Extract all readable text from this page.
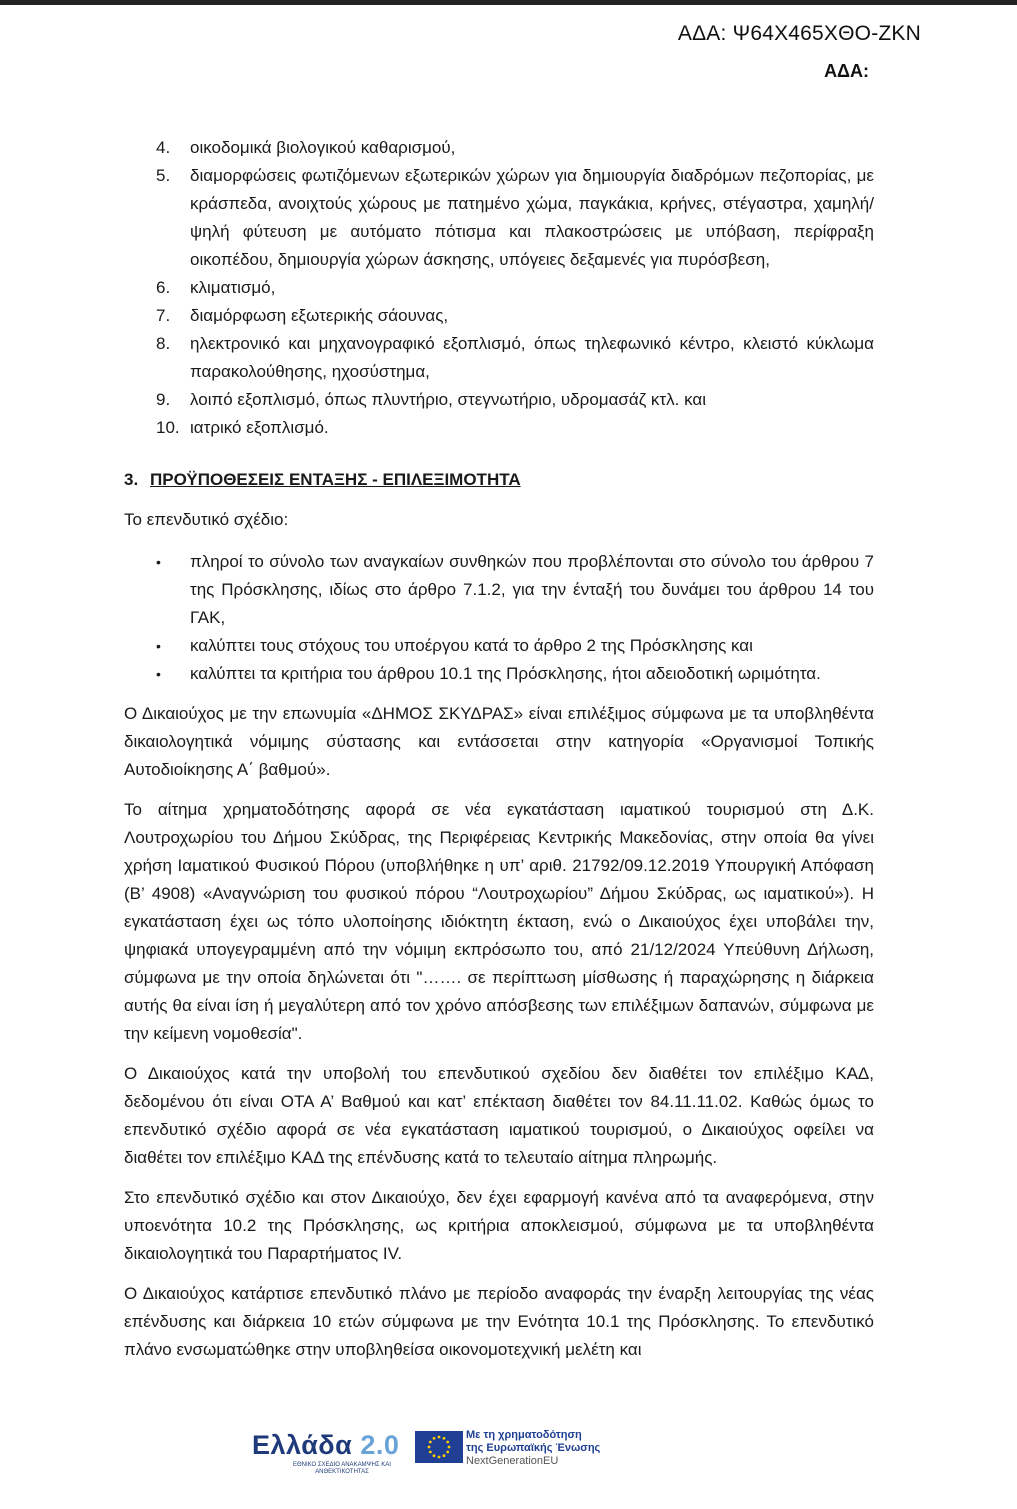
ΑΔΑ: Ψ64Χ465ΧΘΟ-ΖΚΝ
ΑΔΑ:
4.	οικοδομικά βιολογικού καθαρισμού,
5.	διαμορφώσεις φωτιζόμενων εξωτερικών χώρων για δημιουργία διαδρόμων πεζοπορίας, με κράσπεδα, ανοιχτούς χώρους με πατημένο χώμα, παγκάκια, κρήνες, στέγαστρα, χαμηλή/ψηλή φύτευση με αυτόματο πότισμα και πλακοστρώσεις με υπόβαση, περίφραξη οικοπέδου, δημιουργία χώρων άσκησης, υπόγειες δεξαμενές για πυρόσβεση,
6.	κλιματισμό,
7.	διαμόρφωση εξωτερικής σάουνας,
8.	ηλεκτρονικό και μηχανογραφικό εξοπλισμό, όπως τηλεφωνικό κέντρο, κλειστό κύκλωμα παρακολούθησης, ηχοσύστημα,
9.	λοιπό εξοπλισμό, όπως πλυντήριο, στεγνωτήριο, υδρομασάζ κτλ. και
10. ιατρικό εξοπλισμό.
3. ΠΡΟΫΠΟΘΕΣΕΙΣ ΕΝΤΑΞΗΣ - ΕΠΙΛΕΞΙΜΟΤΗΤΑ

Το επενδυτικό σχέδιο:

•	πληροί το σύνολο των αναγκαίων συνθηκών που προβλέπονται στο σύνολο του άρθρου 7 της Πρόσκλησης, ιδίως στο άρθρο 7.1.2, για την ένταξή του δυνάμει του άρθρου 14 του ΓΑΚ,
•	καλύπτει τους στόχους του υποέργου κατά το άρθρο 2 της Πρόσκλησης και
•	καλύπτει τα κριτήρια του άρθρου 10.1 της Πρόσκλησης, ήτοι αδειοδοτική ωριμότητα.

Ο Δικαιούχος με την επωνυμία «ΔΗΜΟΣ ΣΚΥΔΡΑΣ» είναι επιλέξιμος σύμφωνα με τα υποβληθέντα δικαιολογητικά νόμιμης σύστασης και εντάσσεται στην κατηγορία «Οργανισμοί Τοπικής Αυτοδιοίκησης Α΄ βαθμού».

Το αίτημα χρηματοδότησης αφορά σε νέα εγκατάσταση ιαματικού τουρισμού στη Δ.Κ. Λουτροχωρίου του Δήμου Σκύδρας, της Περιφέρειας Κεντρικής Μακεδονίας, στην οποία θα γίνει χρήση Ιαματικού Φυσικού Πόρου (υποβλήθηκε η υπ’ αριθ. 21792/09.12.2019 Υπουργική Απόφαση (Β’ 4908) «Αναγνώριση του φυσικού πόρου “Λουτροχωρίου” Δήμου Σκύδρας, ως ιαματικού»). Η εγκατάσταση έχει ως τόπο υλοποίησης ιδιόκτητη έκταση, ενώ ο Δικαιούχος έχει υποβάλει την, ψηφιακά υπογεγραμμένη από την νόμιμη εκπρόσωπο του, από 21/12/2024 Υπεύθυνη Δήλωση, σύμφωνα με την οποία δηλώνεται ότι "……. σε περίπτωση μίσθωσης ή παραχώρησης η διάρκεια αυτής θα είναι ίση ή μεγαλύτερη από τον χρόνο απόσβεσης των επιλέξιμων δαπανών, σύμφωνα με την κείμενη νομοθεσία".

Ο Δικαιούχος κατά την υποβολή του επενδυτικού σχεδίου δεν διαθέτει τον επιλέξιμο ΚΑΔ, δεδομένου ότι είναι ΟΤΑ Α’ Βαθμού και κατ’ επέκταση διαθέτει τον 84.11.11.02. Καθώς όμως το επενδυτικό σχέδιο αφορά σε νέα εγκατάσταση ιαματικού τουρισμού, ο Δικαιούχος οφείλει να διαθέτει τον επιλέξιμο ΚΑΔ της επένδυσης κατά το τελευταίο αίτημα πληρωμής.

Στο επενδυτικό σχέδιο και στον Δικαιούχο, δεν έχει εφαρμογή κανένα από τα αναφερόμενα, στην υποενότητα 10.2 της Πρόσκλησης, ως κριτήρια αποκλεισμού, σύμφωνα με τα υποβληθέντα δικαιολογητικά του Παραρτήματος IV.

Ο Δικαιούχος κατάρτισε επενδυτικό πλάνο με περίοδο αναφοράς την έναρξη λειτουργίας της νέας επένδυσης και διάρκεια 10 ετών σύμφωνα με την Ενότητα 10.1 της Πρόσκλησης. Το επενδυτικό πλάνο ενσωματώθηκε στην υποβληθείσα οικονομοτεχνική μελέτη και

Ελλάδα 2.0
ΕΘΝΙΚΟ ΣΧΕΔΙΟ ΑΝΑΚΑΜΨΗΣ ΚΑΙ ΑΝΘΕΚΤΙΚΟΤΗΤΑΣ
Με τη χρηματοδότηση
της Ευρωπαϊκής Ένωσης
NextGenerationEU
